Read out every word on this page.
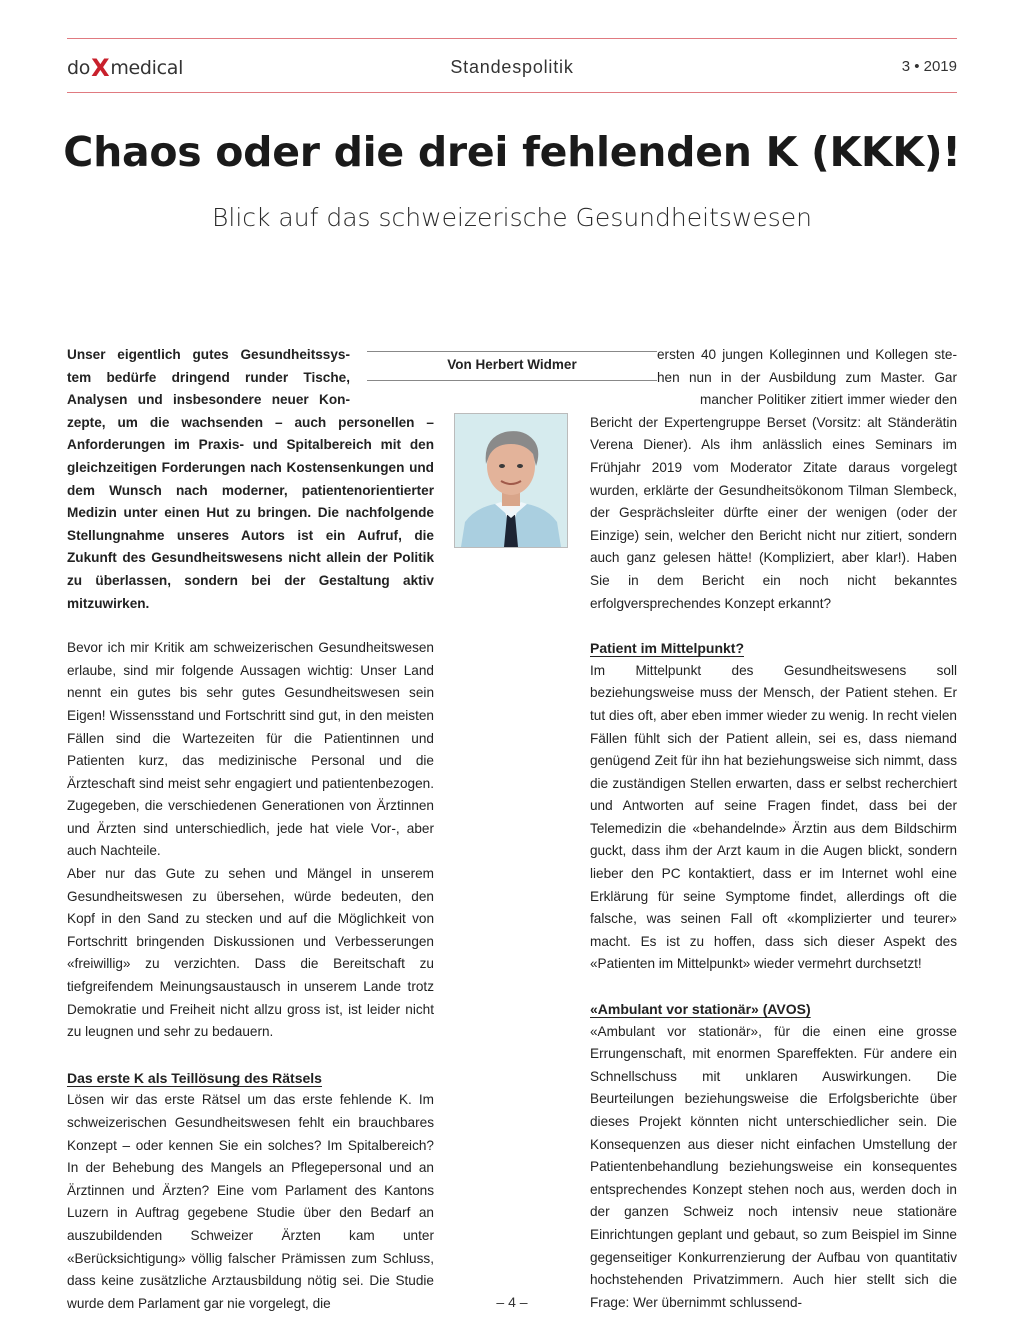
doXmedical	Standespolitik	3 • 2019
Chaos oder die drei fehlenden K (KKK)!
Blick auf das schweizerische Gesundheitswesen

Unser eigentlich gutes Gesundheitssys-

tem bedürfe dringend runder Tische,

Analysen und insbesondere neuer Kon-

zepte, um die wachsenden – auch personellen – Anforderungen im Praxis- und Spitalbereich mit den gleichzeitigen Forderungen nach Kostensenkungen und dem Wunsch nach moderner, patientenorientierter Medizin unter einen Hut zu bringen. Die nachfolgende Stellungnahme unseres Autors ist ein Aufruf, die Zukunft des Gesundheitswesens nicht allein der Politik zu überlassen, sondern bei der Gestaltung aktiv mitzuwirken.

Bevor ich mir Kritik am schweizerischen Gesundheitswesen erlaube, sind mir folgende Aussagen wichtig: Unser Land nennt ein gutes bis sehr gutes Gesundheitswesen sein Eigen! Wissensstand und Fortschritt sind gut, in den meisten Fällen sind die Wartezeiten für die Patientinnen und Patienten kurz, das medizinische Personal und die Ärzteschaft sind meist sehr engagiert und patientenbezogen. Zugegeben, die verschiedenen Generationen von Ärztinnen und Ärzten sind unterschiedlich, jede hat viele Vor-, aber auch Nachteile.

Aber nur das Gute zu sehen und Mängel in unserem Gesundheitswesen zu übersehen, würde bedeuten, den Kopf in den Sand zu stecken und auf die Möglichkeit von Fortschritt bringenden Diskussionen und Verbesserungen «freiwillig» zu verzichten. Dass die Bereitschaft zu tiefgreifendem Meinungsaustausch in unserem Lande trotz Demokratie und Freiheit nicht allzu gross ist, ist leider nicht zu leugnen und sehr zu bedauern.

Das erste K als Teillösung des Rätsels

Lösen wir das erste Rätsel um das erste fehlende K. Im schweizerischen Gesundheitswesen fehlt ein brauchbares Konzept – oder kennen Sie ein solches? Im Spitalbereich? In der Behebung des Mangels an Pflegepersonal und an Ärztinnen und Ärzten? Eine vom Parlament des Kantons Luzern in Auftrag gegebene Studie über den Bedarf an auszubildenden Schweizer Ärzten kam unter «Berücksichtigung» völlig falscher Prämissen zum Schluss, dass keine zusätzliche Arztausbildung nötig sei. Die Studie wurde dem Parlament gar nie vorgelegt, die

Von Herbert Widmer

ersten 40 jungen Kolleginnen und Kollegen ste-

hen nun in der Ausbildung zum Master. Gar

mancher Politiker zitiert immer wieder den

Bericht der Expertengruppe Berset (Vorsitz: alt Ständerätin Verena Diener). Als ihm anlässlich eines Seminars im Frühjahr 2019 vom Moderator Zitate daraus vorgelegt wurden, erklärte der Gesundheitsökonom Tilman Slembeck, der Gesprächsleiter dürfte einer der wenigen (oder der Einzige) sein, welcher den Bericht nicht nur zitiert, sondern auch ganz gelesen hätte! (Kompliziert, aber klar!). Haben Sie in dem Bericht ein noch nicht bekanntes erfolgversprechendes Konzept erkannt?

Patient im Mittelpunkt?

Im Mittelpunkt des Gesundheitswesens soll beziehungsweise muss der Mensch, der Patient stehen. Er tut dies oft, aber eben immer wieder zu wenig. In recht vielen Fällen fühlt sich der Patient allein, sei es, dass niemand genügend Zeit für ihn hat beziehungsweise sich nimmt, dass die zuständigen Stellen erwarten, dass er selbst recherchiert und Antworten auf seine Fragen findet, dass bei der Telemedizin die «behandelnde» Ärztin aus dem Bildschirm guckt, dass ihm der Arzt kaum in die Augen blickt, sondern lieber den PC kontaktiert, dass er im Internet wohl eine Erklärung für seine Symptome findet, allerdings oft die falsche, was seinen Fall oft «komplizierter und teurer» macht. Es ist zu hoffen, dass sich dieser Aspekt des «Patienten im Mittelpunkt» wieder vermehrt durchsetzt!

«Ambulant vor stationär» (AVOS)

«Ambulant vor stationär», für die einen eine grosse Errungenschaft, mit enormen Spareffekten. Für andere ein Schnellschuss mit unklaren Auswirkungen. Die Beurteilungen beziehungsweise die Erfolgsberichte über dieses Projekt könnten nicht unterschiedlicher sein. Die Konsequenzen aus dieser nicht einfachen Umstellung der Patientenbehandlung beziehungsweise ein konsequentes entsprechendes Konzept stehen noch aus, werden doch in der ganzen Schweiz noch intensiv neue stationäre Einrichtungen geplant und gebaut, so zum Beispiel im Sinne gegenseitiger Konkurrenzierung der Aufbau von quantitativ hochstehenden Privatzimmern. Auch hier stellt sich die Frage: Wer übernimmt schlussend-

– 4 –
